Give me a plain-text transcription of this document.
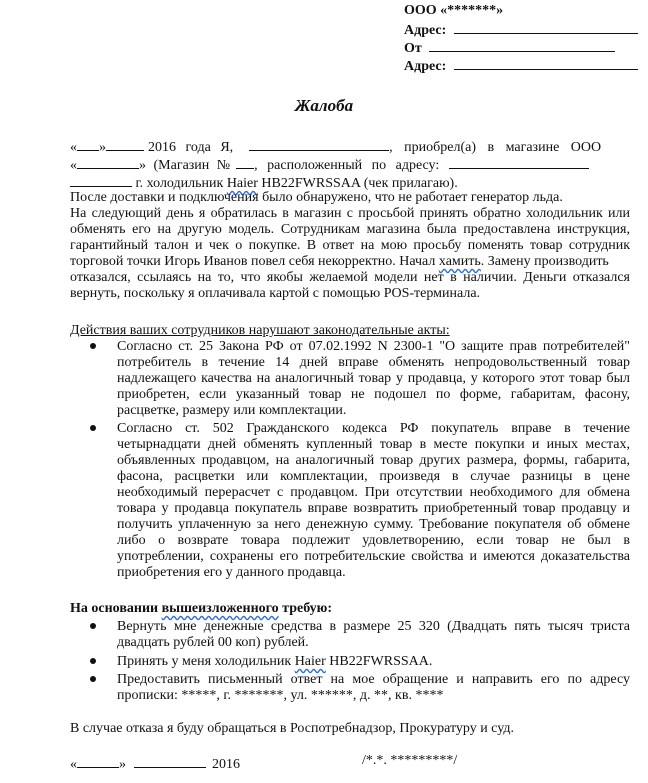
ООО «*******»
Адрес:
От
Адрес:
Жалоба
« »	2016 года Я,	, приобрел(а) в магазине ООО
«	» (Магазин № , расположенный по адресу:
г. холодильник Haier HB22FWRSSAA (чек прилагаю).
После доставки и подключения было обнаружено, что не работает генератор льда.
На следующий день я обратилась в магазин с просьбой принять обратно холодильник или
обменять его на другую модель. Сотрудникам магазина была предоставлена инструкция,
гарантийный талон и чек о покупке. В ответ на мою просьбу поменять товар сотрудник
торговой точки Игорь Иванов повел себя некорректно. Начал хамить. Замену производить
отказался, ссылаясь на то, что якобы желаемой модели нет в наличии. Деньги отказался
вернуть, поскольку я оплачивала картой с помощью POS-терминала.
Действия ваших сотрудников нарушают законодательные акты:
Согласно ст. 25 Закона РФ от 07.02.1992 N 2300-1 "О защите прав потребителей"
потребитель в течение 14 дней вправе обменять непродовольственный товар
надлежащего качества на аналогичный товар у продавца, у которого этот товар был
приобретен, если указанный товар не подошел по форме, габаритам, фасону,
расцветке, размеру или комплектации.
Согласно ст. 502 Гражданского кодекса РФ покупатель вправе в течение
четырнадцати дней обменять купленный товар в месте покупки и иных местах,
объявленных продавцом, на аналогичный товар других размера, формы, габарита,
фасона, расцветки или комплектации, произведя в случае разницы в цене
необходимый перерасчет с продавцом. При отсутствии необходимого для обмена
товара у продавца покупатель вправе возвратить приобретенный товар продавцу и
получить уплаченную за него денежную сумму. Требование покупателя об обмене
либо о возврате товара подлежит удовлетворению, если товар не был в
употреблении, сохранены его потребительские свойства и имеются доказательства
приобретения его у данного продавца.
На основании вышеизложенного требую:
Вернуть мне денежные средства в размере 25 320 (Двадцать пять тысяч триста
двадцать рублей 00 коп) рублей.
Принять у меня холодильник Haier HB22FWRSSAA.
Предоставить письменный ответ на мое обращение и направить его по адресу
прописки: *****, г. *******, ул. ******, д. **, кв. ****
В случае отказа я буду обращаться в Роспотребнадзор, Прокуратуру и суд.
«	»	2016	/*.*. *********/
